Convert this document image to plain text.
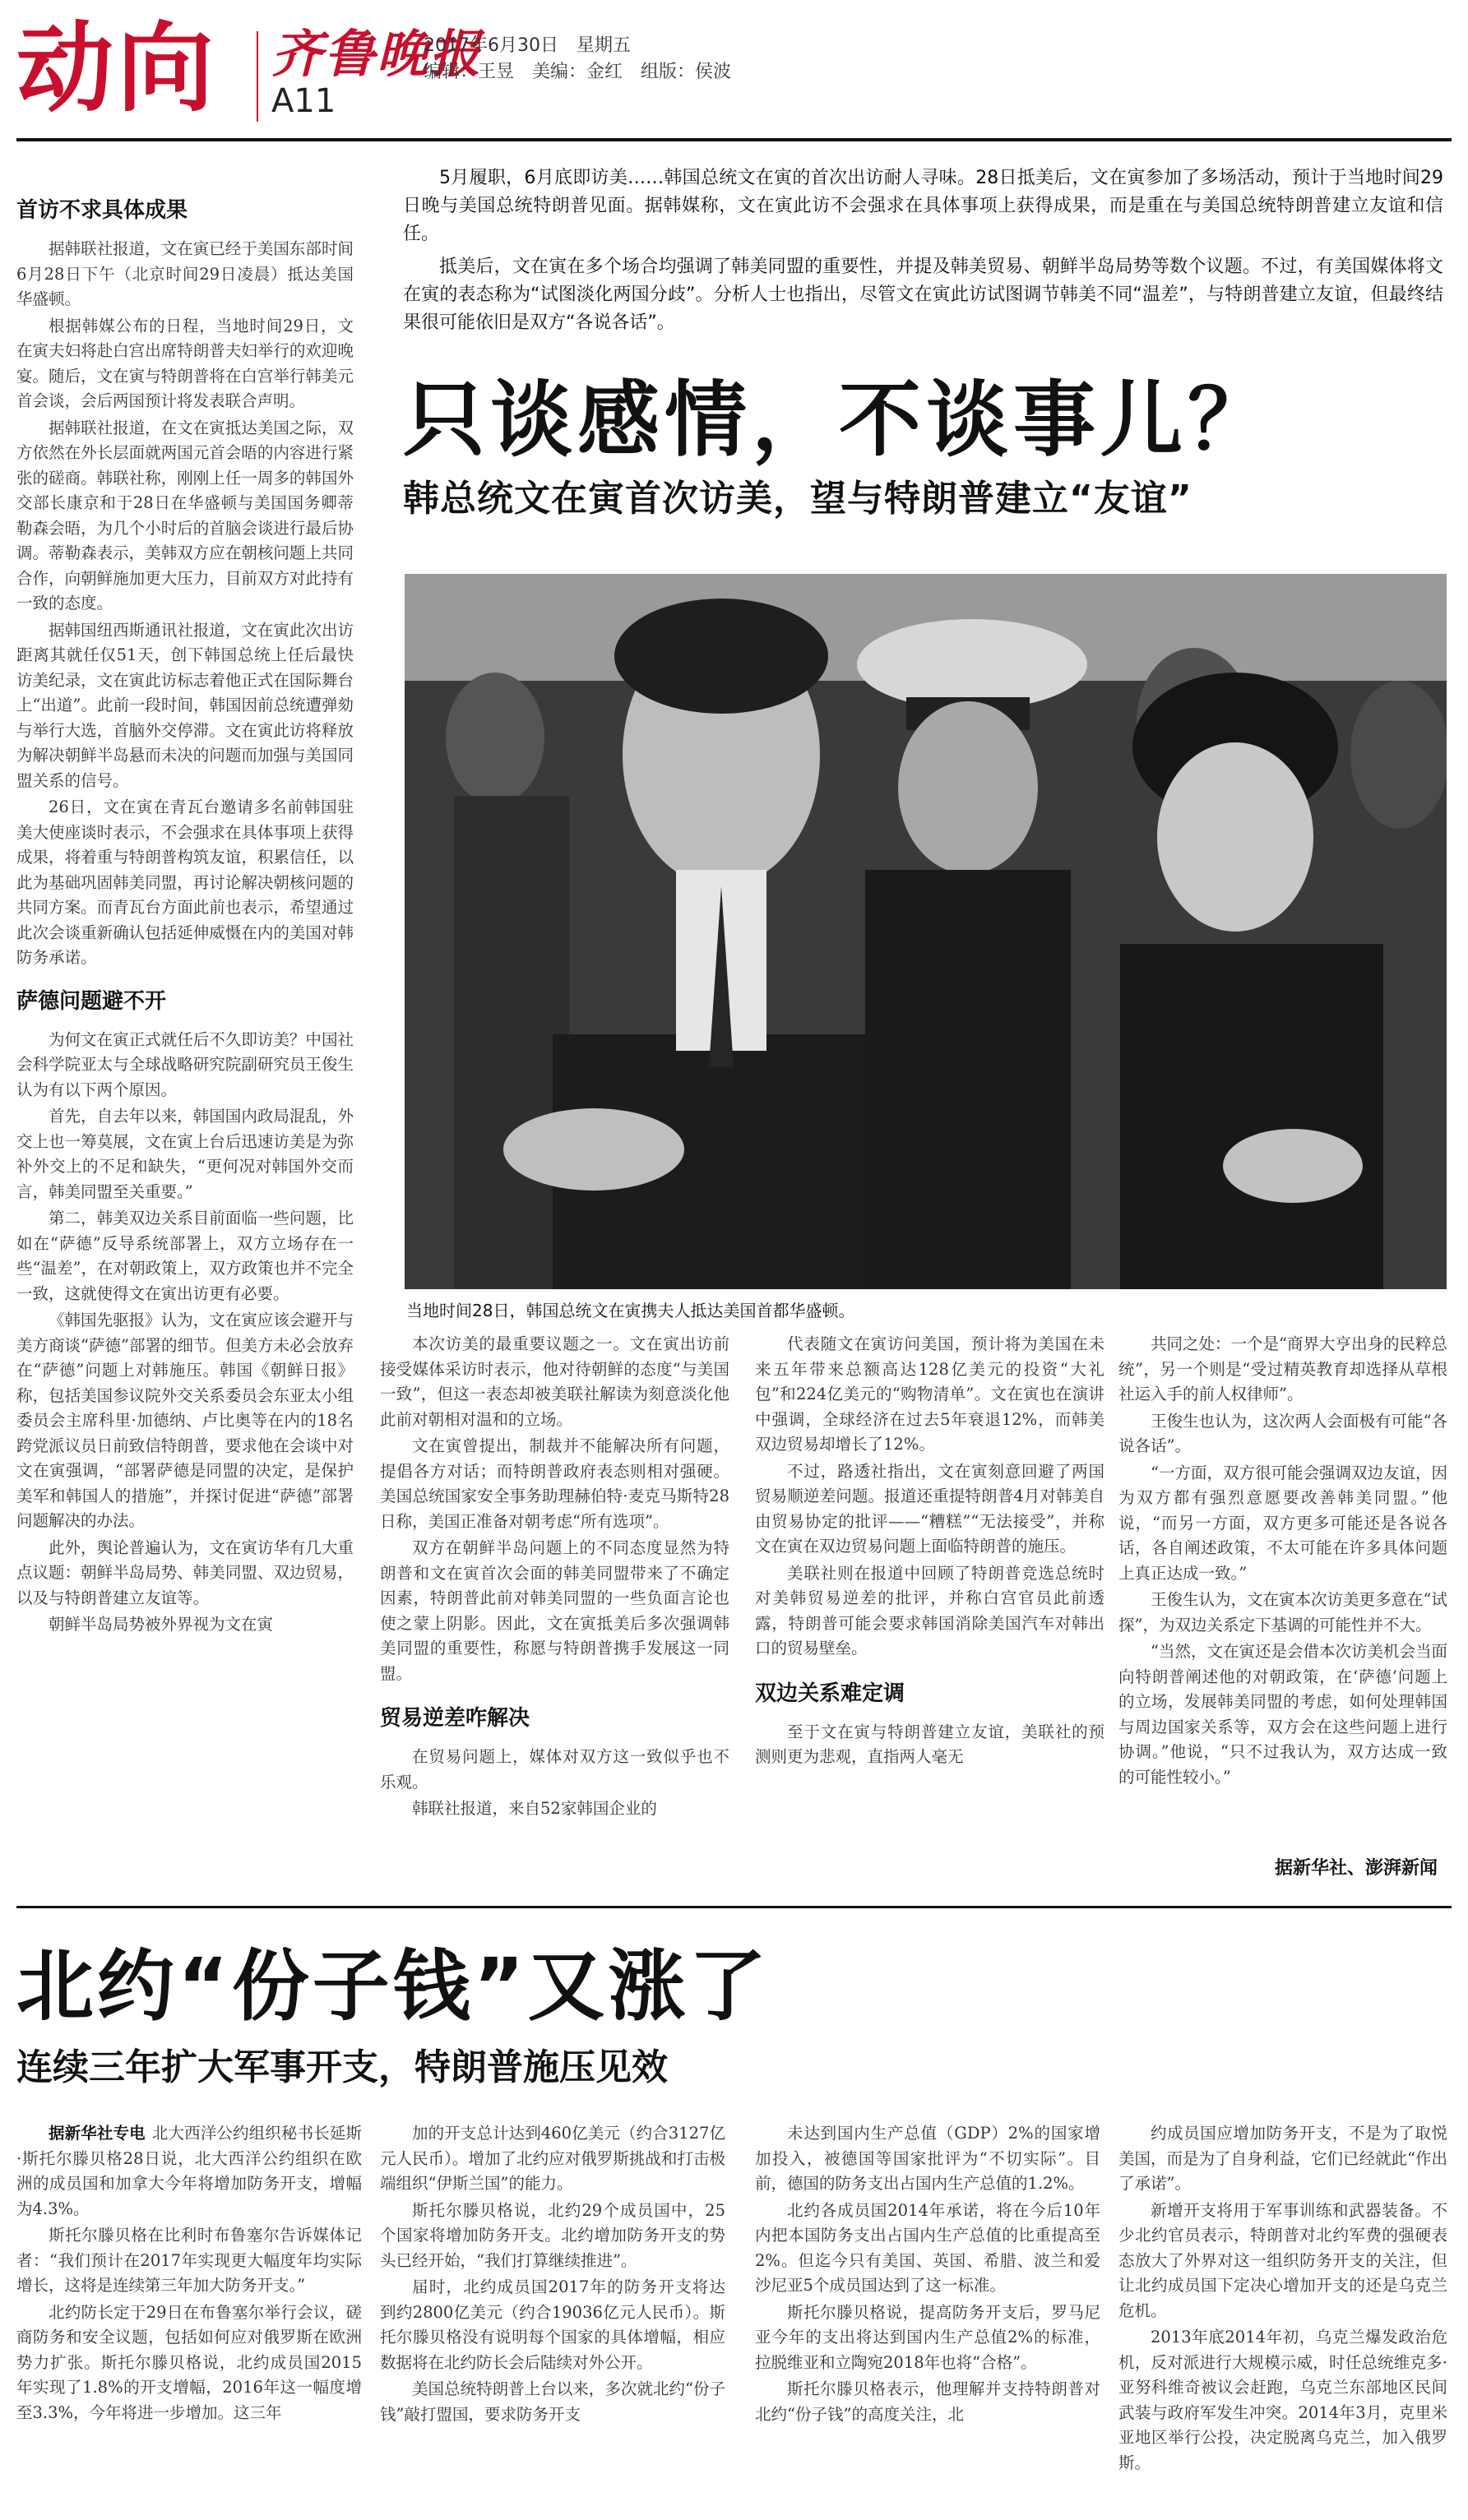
动向 齐鲁晚报
A11
2017年6月30日　星期五
编辑：王昱　美编：金红　组版：侯波
首访不求具体成果

据韩联社报道，文在寅已经于美国东部时间6月28日下午（北京时间29日凌晨）抵达美国华盛顿。

根据韩媒公布的日程，当地时间29日，文在寅夫妇将赴白宫出席特朗普夫妇举行的欢迎晚宴。随后，文在寅与特朗普将在白宫举行韩美元首会谈，会后两国预计将发表联合声明。

据韩联社报道，在文在寅抵达美国之际，双方依然在外长层面就两国元首会晤的内容进行紧张的磋商。韩联社称，刚刚上任一周多的韩国外交部长康京和于28日在华盛顿与美国国务卿蒂勒森会晤，为几个小时后的首脑会谈进行最后协调。蒂勒森表示，美韩双方应在朝核问题上共同合作，向朝鲜施加更大压力，目前双方对此持有一致的态度。

据韩国纽西斯通讯社报道，文在寅此次出访距离其就任仅51天，创下韩国总统上任后最快访美纪录，文在寅此访标志着他正式在国际舞台上“出道”。此前一段时间，韩国因前总统遭弹劾与举行大选，首脑外交停滞。文在寅此访将释放为解决朝鲜半岛悬而未决的问题而加强与美国同盟关系的信号。

26日，文在寅在青瓦台邀请多名前韩国驻美大使座谈时表示，不会强求在具体事项上获得成果，将着重与特朗普构筑友谊，积累信任，以此为基础巩固韩美同盟，再讨论解决朝核问题的共同方案。而青瓦台方面此前也表示，希望通过此次会谈重新确认包括延伸威慑在内的美国对韩防务承诺。

萨德问题避不开

为何文在寅正式就任后不久即访美？中国社会科学院亚太与全球战略研究院副研究员王俊生认为有以下两个原因。

首先，自去年以来，韩国国内政局混乱，外交上也一筹莫展，文在寅上台后迅速访美是为弥补外交上的不足和缺失，“更何况对韩国外交而言，韩美同盟至关重要。”

第二，韩美双边关系目前面临一些问题，比如在“萨德”反导系统部署上，双方立场存在一些“温差”，在对朝政策上，双方政策也并不完全一致，这就使得文在寅出访更有必要。

《韩国先驱报》认为，文在寅应该会避开与美方商谈“萨德”部署的细节。但美方未必会放弃在“萨德”问题上对韩施压。韩国《朝鲜日报》称，包括美国参议院外交关系委员会东亚太小组委员会主席科里·加德纳、卢比奥等在内的18名跨党派议员日前致信特朗普，要求他在会谈中对文在寅强调，“部署萨德是同盟的决定，是保护美军和韩国人的措施”，并探讨促进“萨德”部署问题解决的办法。

此外，舆论普遍认为，文在寅访华有几大重点议题：朝鲜半岛局势、韩美同盟、双边贸易，以及与特朗普建立友谊等。

朝鲜半岛局势被外界视为文在寅

5月履职，6月底即访美……韩国总统文在寅的首次出访耐人寻味。28日抵美后，文在寅参加了多场活动，预计于当地时间29日晚与美国总统特朗普见面。据韩媒称，文在寅此访不会强求在具体事项上获得成果，而是重在与美国总统特朗普建立友谊和信任。

抵美后，文在寅在多个场合均强调了韩美同盟的重要性，并提及韩美贸易、朝鲜半岛局势等数个议题。不过，有美国媒体将文在寅的表态称为“试图淡化两国分歧”。分析人士也指出，尽管文在寅此访试图调节韩美不同“温差”，与特朗普建立友谊，但最终结果很可能依旧是双方“各说各话”。

只谈感情，不谈事儿？
韩总统文在寅首次访美，望与特朗普建立“友谊”
当地时间28日，韩国总统文在寅携夫人抵达美国首都华盛顿。

本次访美的最重要议题之一。文在寅出访前接受媒体采访时表示，他对待朝鲜的态度“与美国一致”，但这一表态却被美联社解读为刻意淡化他此前对朝相对温和的立场。

文在寅曾提出，制裁并不能解决所有问题，提倡各方对话；而特朗普政府表态则相对强硬。美国总统国家安全事务助理赫伯特·麦克马斯特28日称，美国正准备对朝考虑“所有选项”。

双方在朝鲜半岛问题上的不同态度显然为特朗普和文在寅首次会面的韩美同盟带来了不确定因素，特朗普此前对韩美同盟的一些负面言论也使之蒙上阴影。因此，文在寅抵美后多次强调韩美同盟的重要性，称愿与特朗普携手发展这一同盟。

贸易逆差咋解决

在贸易问题上，媒体对双方这一致似乎也不乐观。

韩联社报道，来自52家韩国企业的

代表随文在寅访问美国，预计将为美国在未来五年带来总额高达128亿美元的投资“大礼包”和224亿美元的“购物清单”。文在寅也在演讲中强调，全球经济在过去5年衰退12%，而韩美双边贸易却增长了12%。

不过，路透社指出，文在寅刻意回避了两国贸易顺逆差问题。报道还重提特朗普4月对韩美自由贸易协定的批评——“糟糕”“无法接受”，并称文在寅在双边贸易问题上面临特朗普的施压。

美联社则在报道中回顾了特朗普竞选总统时对美韩贸易逆差的批评，并称白宫官员此前透露，特朗普可能会要求韩国消除美国汽车对韩出口的贸易壁垒。

双边关系难定调

至于文在寅与特朗普建立友谊，美联社的预测则更为悲观，直指两人毫无

共同之处：一个是“商界大亨出身的民粹总统”，另一个则是“受过精英教育却选择从草根社运入手的前人权律师”。

王俊生也认为，这次两人会面极有可能“各说各话”。

“一方面，双方很可能会强调双边友谊，因为双方都有强烈意愿要改善韩美同盟。”他说，“而另一方面，双方更多可能还是各说各话，各自阐述政策，不太可能在许多具体问题上真正达成一致。”

王俊生认为，文在寅本次访美更多意在“试探”，为双边关系定下基调的可能性并不大。

“当然，文在寅还是会借本次访美机会当面向特朗普阐述他的对朝政策，在‘萨德’问题上的立场，发展韩美同盟的考虑，如何处理韩国与周边国家关系等，双方会在这些问题上进行协调。”他说，“只不过我认为，双方达成一致的可能性较小。”

据新华社、澎湃新闻
北约“份子钱”又涨了
连续三年扩大军事开支，特朗普施压见效

据新华社专电 北大西洋公约组织秘书长延斯·斯托尔滕贝格28日说，北大西洋公约组织在欧洲的成员国和加拿大今年将增加防务开支，增幅为4.3%。

斯托尔滕贝格在比利时布鲁塞尔告诉媒体记者：“我们预计在2017年实现更大幅度年均实际增长，这将是连续第三年加大防务开支。”

北约防长定于29日在布鲁塞尔举行会议，磋商防务和安全议题，包括如何应对俄罗斯在欧洲势力扩张。斯托尔滕贝格说，北约成员国2015年实现了1.8%的开支增幅，2016年这一幅度增至3.3%，今年将进一步增加。这三年

加的开支总计达到460亿美元（约合3127亿元人民币）。增加了北约应对俄罗斯挑战和打击极端组织“伊斯兰国”的能力。

斯托尔滕贝格说，北约29个成员国中，25个国家将增加防务开支。北约增加防务开支的势头已经开始，“我们打算继续推进”。

届时，北约成员国2017年的防务开支将达到约2800亿美元（约合19036亿元人民币）。斯托尔滕贝格没有说明每个国家的具体增幅，相应数据将在北约防长会后陆续对外公开。

美国总统特朗普上台以来，多次就北约“份子钱”敲打盟国，要求防务开支

未达到国内生产总值（GDP）2%的国家增加投入，被德国等国家批评为“不切实际”。目前，德国的防务支出占国内生产总值的1.2%。

北约各成员国2014年承诺，将在今后10年内把本国防务支出占国内生产总值的比重提高至2%。但迄今只有美国、英国、希腊、波兰和爱沙尼亚5个成员国达到了这一标准。

斯托尔滕贝格说，提高防务开支后，罗马尼亚今年的支出将达到国内生产总值2%的标准，拉脱维亚和立陶宛2018年也将“合格”。

斯托尔滕贝格表示，他理解并支持特朗普对北约“份子钱”的高度关注，北

约成员国应增加防务开支，不是为了取悦美国，而是为了自身利益，它们已经就此“作出了承诺”。

新增开支将用于军事训练和武器装备。不少北约官员表示，特朗普对北约军费的强硬表态放大了外界对这一组织防务开支的关注，但让北约成员国下定决心增加开支的还是乌克兰危机。

2013年底2014年初，乌克兰爆发政治危机，反对派进行大规模示威，时任总统维克多·亚努科维奇被议会赶跑，乌克兰东部地区民间武装与政府军发生冲突。2014年3月，克里米亚地区举行公投，决定脱离乌克兰，加入俄罗斯。
